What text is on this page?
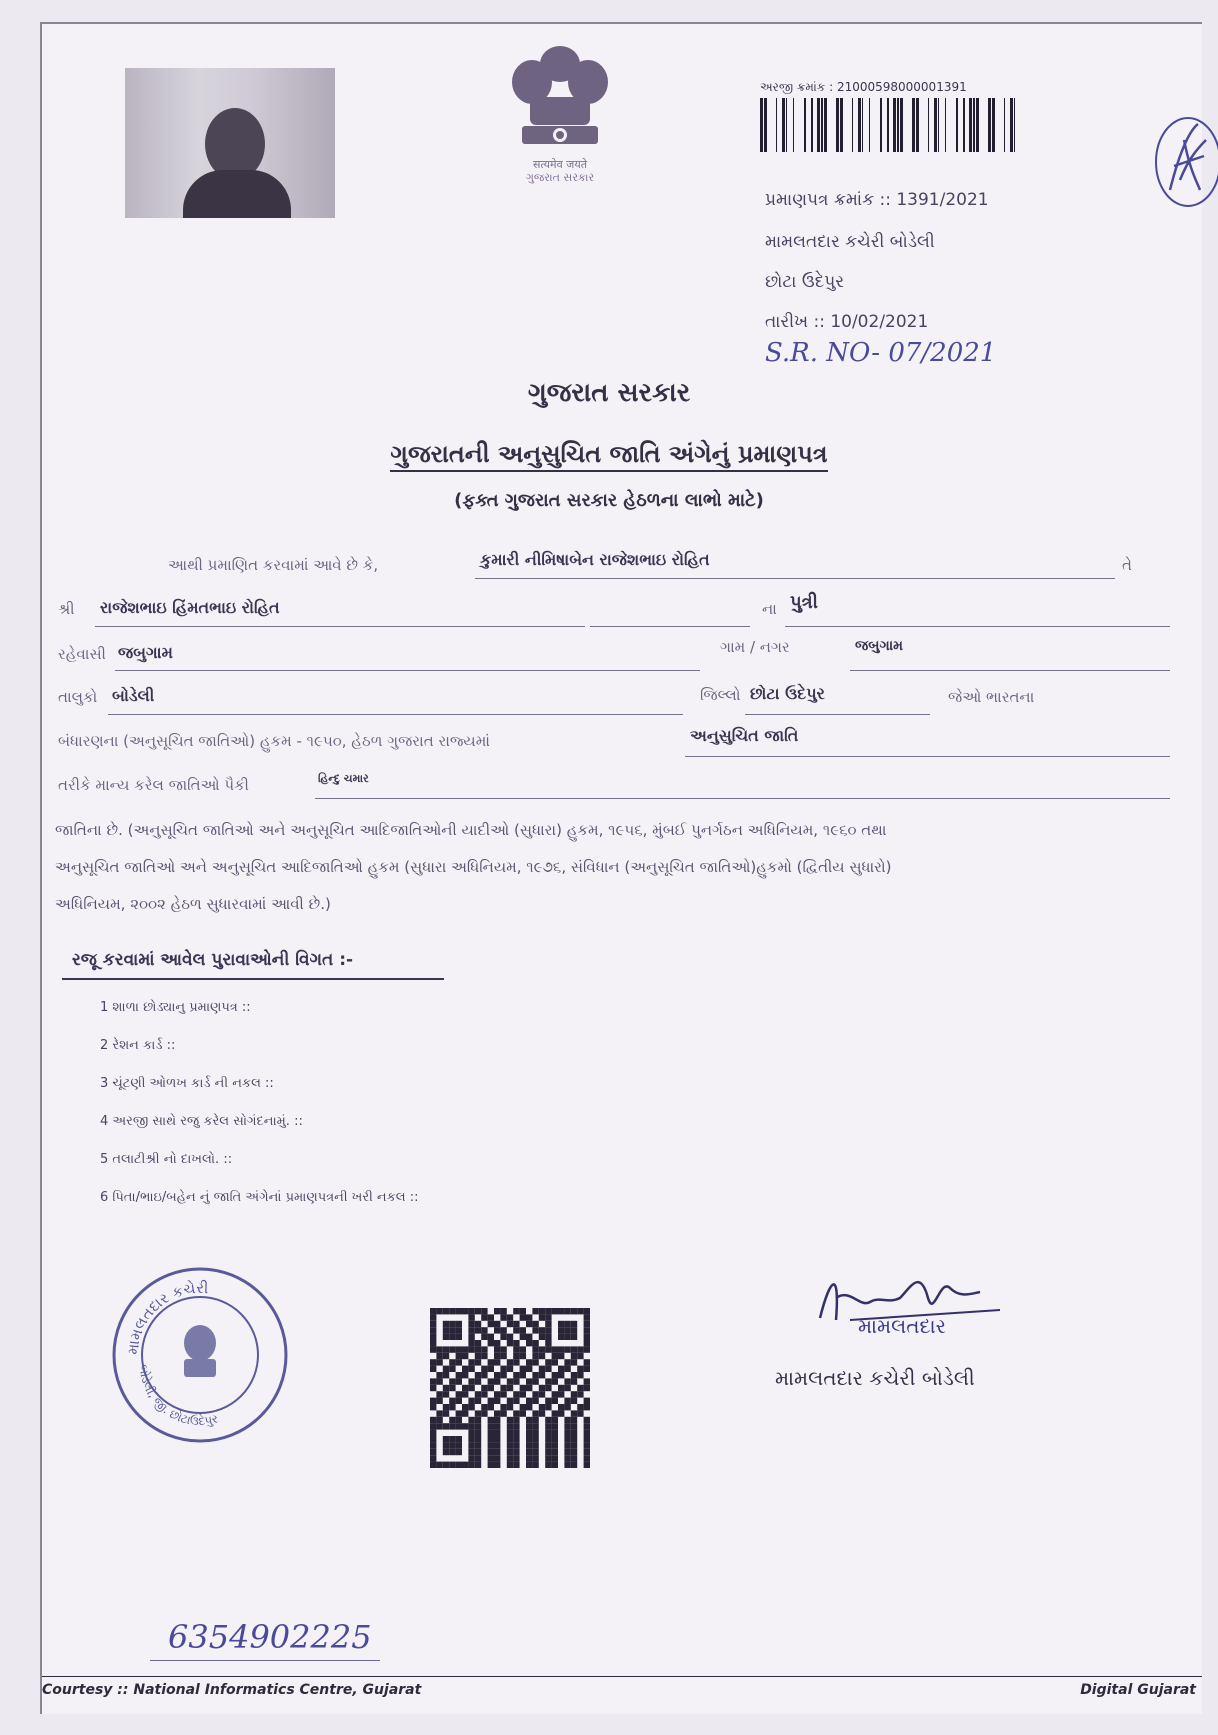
सत्यमेव जयते
ગુજરાત સરકાર
અરજી ક્રમાંક : 21000598000001391
પ્રમાણપત્ર ક્રમાંક :: 1391/2021
મામલતદાર કચેરી બોડેલી
છોટા ઉદેપુર
તારીખ :: 10/02/2021
S.R. NO- 07/2021
ગુજરાત સરકાર
ગુજરાતની અનુસુચિત જાતિ અંગેનું પ્રમાણપત્ર
(ફક્ત ગુજરાત સરકાર હેઠળના લાભો માટે)
આથી પ્રમાણિત કરવામાં આવે છે કે,	કુમારી નીમિષાબેન રાજેશભાઇ રોહિત	તે
શ્રી રાજેશભાઇ હિંમતભાઇ રોહિત	ના પુત્રી
રહેવાસી જબુગામ	ગામ / નગર	જબુગામ
તાલુકો બોડેલી	જિલ્લો છોટા ઉદેપુર	જેઓ ભારતના
બંધારણના (અનુસૂચિત જાતિઓ) હુકમ - ૧૯૫૦, હેઠળ ગુજરાત રાજ્યમાં	અનુસુચિત જાતિ
તરીકે માન્ય કરેલ જાતિઓ પૈકી	હિન્દુ ચમાર
જાતિના છે. (અનુસૂચિત જાતિઓ અને અનુસૂચિત આદિજાતિઓની યાદીઓ (સુધારા) હુકમ, ૧૯૫૬, મુંબઈ પુનર્ગઠન અધિનિયમ, ૧૯૬૦ તથા
અનુસૂચિત જાતિઓ અને અનુસૂચિત આદિજાતિઓ હુકમ (સુધારા અધિનિયમ, ૧૯૭૬, સંવિધાન (અનુસૂચિત જાતિઓ)હુકમો (દ્વિતીય સુધારો)
અધિનિયમ, ૨૦૦૨ હેઠળ સુધારવામાં આવી છે.)
રજૂ કરવામાં આવેલ પુરાવાઓની વિગત :-
1 શાળા છોડ્યાનુ પ્રમાણપત્ર ::
2 રેશન કાર્ડ ::
3 ચૂંટણી ઓળખ કાર્ડ ની નકલ ::
4 અરજી સાથે રજુ કરેલ સોગંદનામું. ::
5 તલાટીશ્રી નો દાખલો. ::
6 પિતા/ભાઇ/બહેન નું જાતિ અંગેનાં પ્રમાણપત્રની ખરી નકલ ::
મામલતદાર કચેરી
બોડેલી, જી. છોટાઉદેપુર
મામલતદાર
મામલતદાર કચેરી બોડેલી
6354902225
Courtesy :: National Informatics Centre, Gujarat	Digital Gujarat
